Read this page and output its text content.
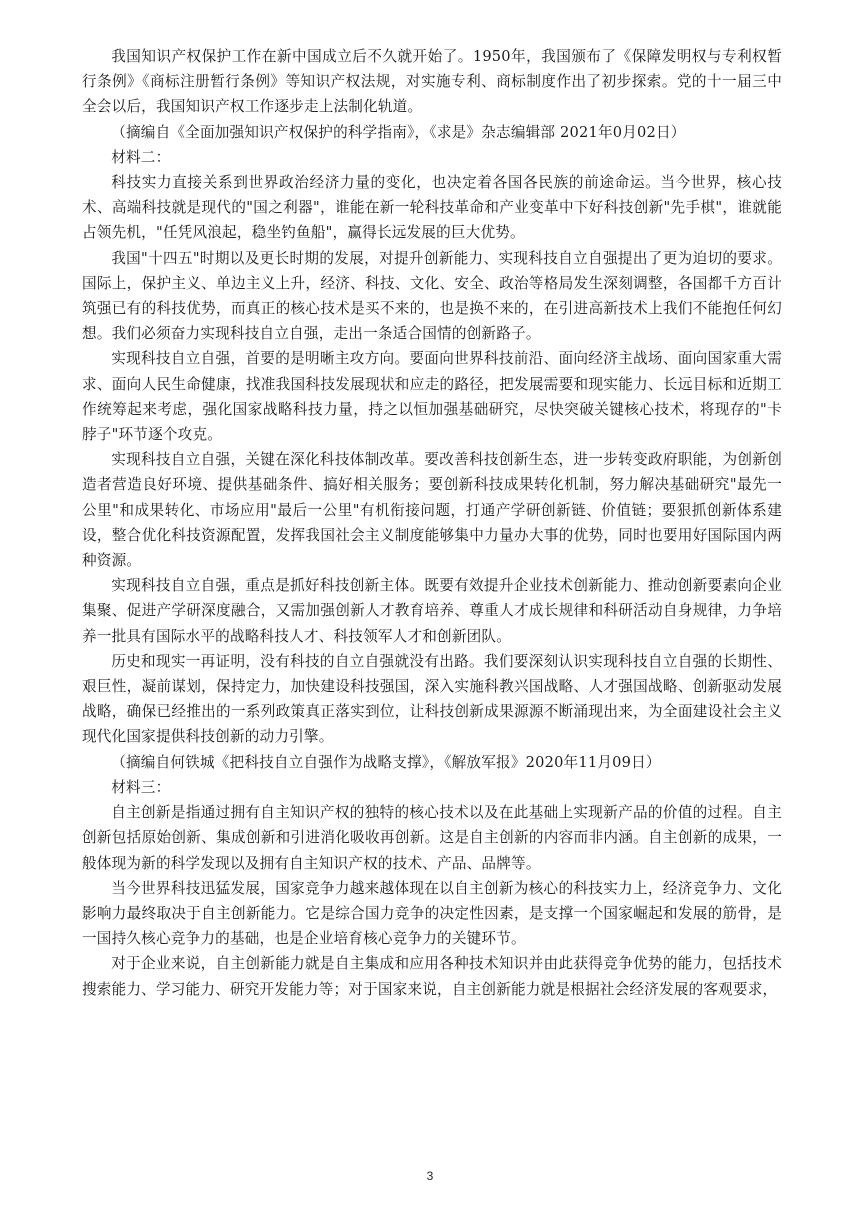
我国知识产权保护工作在新中国成立后不久就开始了。1950年，我国颁布了《保障发明权与专利权暂行条例》《商标注册暂行条例》等知识产权法规，对实施专利、商标制度作出了初步探索。党的十一届三中全会以后，我国知识产权工作逐步走上法制化轨道。

（摘编自《全面加强知识产权保护的科学指南》，《求是》杂志编辑部 2021年0月02日）

材料二：

科技实力直接关系到世界政治经济力量的变化，也决定着各国各民族的前途命运。当今世界，核心技术、高端科技就是现代的"国之利器"，谁能在新一轮科技革命和产业变革中下好科技创新"先手棋"，谁就能占领先机，"任凭风浪起，稳坐钓鱼船"，赢得长远发展的巨大优势。

我国"十四五"时期以及更长时期的发展，对提升创新能力、实现科技自立自强提出了更为迫切的要求。国际上，保护主义、单边主义上升，经济、科技、文化、安全、政治等格局发生深刻调整，各国都千方百计筑强已有的科技优势，而真正的核心技术是买不来的，也是换不来的，在引进高新技术上我们不能抱任何幻想。我们必须奋力实现科技自立自强，走出一条适合国情的创新路子。

实现科技自立自强，首要的是明晰主攻方向。要面向世界科技前沿、面向经济主战场、面向国家重大需求、面向人民生命健康，找准我国科技发展现状和应走的路径，把发展需要和现实能力、长远目标和近期工作统筹起来考虑，强化国家战略科技力量，持之以恒加强基础研究，尽快突破关键核心技术，将现存的"卡脖子"环节逐个攻克。

实现科技自立自强，关键在深化科技体制改革。要改善科技创新生态，进一步转变政府职能，为创新创造者营造良好环境、提供基础条件、搞好相关服务；要创新科技成果转化机制，努力解决基础研究"最先一公里"和成果转化、市场应用"最后一公里"有机衔接问题，打通产学研创新链、价值链；要狠抓创新体系建设，整合优化科技资源配置，发挥我国社会主义制度能够集中力量办大事的优势，同时也要用好国际国内两种资源。

实现科技自立自强，重点是抓好科技创新主体。既要有效提升企业技术创新能力、推动创新要素向企业集聚、促进产学研深度融合，又需加强创新人才教育培养、尊重人才成长规律和科研活动自身规律，力争培养一批具有国际水平的战略科技人才、科技领军人才和创新团队。

历史和现实一再证明，没有科技的自立自强就没有出路。我们要深刻认识实现科技自立自强的长期性、艰巨性，凝前谋划，保持定力，加快建设科技强国，深入实施科教兴国战略、人才强国战略、创新驱动发展战略，确保已经推出的一系列政策真正落实到位，让科技创新成果源源不断涌现出来，为全面建设社会主义现代化国家提供科技创新的动力引擎。

（摘编自何铁城《把科技自立自强作为战略支撑》，《解放军报》2020年11月09日）

材料三：

自主创新是指通过拥有自主知识产权的独特的核心技术以及在此基础上实现新产品的价值的过程。自主创新包括原始创新、集成创新和引进消化吸收再创新。这是自主创新的内容而非内涵。自主创新的成果，一般体现为新的科学发现以及拥有自主知识产权的技术、产品、品牌等。

当今世界科技迅猛发展，国家竞争力越来越体现在以自主创新为核心的科技实力上，经济竞争力、文化影响力最终取决于自主创新能力。它是综合国力竞争的决定性因素，是支撑一个国家崛起和发展的筋骨，是一国持久核心竞争力的基础，也是企业培育核心竞争力的关键环节。

对于企业来说，自主创新能力就是自主集成和应用各种技术知识并由此获得竞争优势的能力，包括技术搜索能力、学习能力、研究开发能力等；对于国家来说，自主创新能力就是根据社会经济发展的客观要求，

3
